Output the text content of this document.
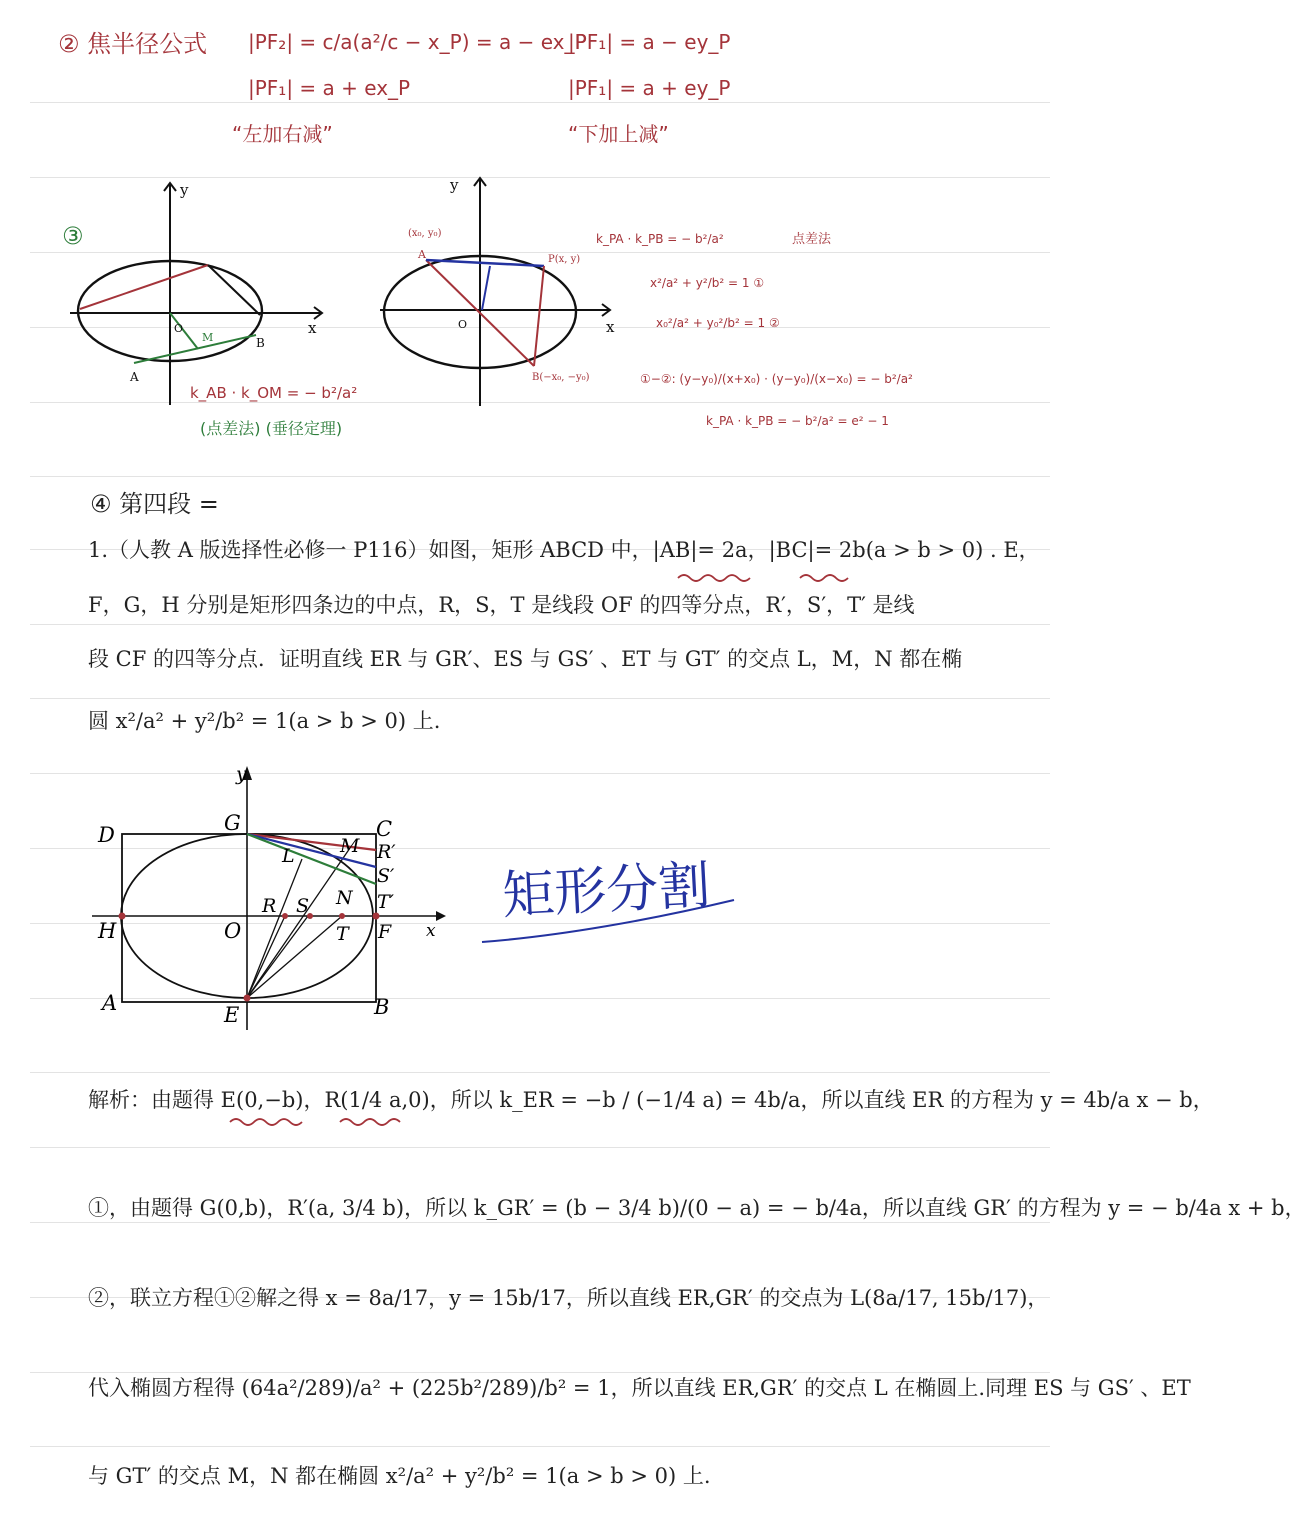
② 焦半径公式 |PF₂| = c/a(a²/c − x_P) = a − ex_P
|PF₁| = a + ex_P
“左加右减”
|PF₁| = a − ey_P
|PF₁| = a + ey_P
“下加上减”
③
O
y
x
A
B
M
k_AB · k_OM = − b²/a²
(点差法) (垂径定理)
O
y
x
A
(x₀, y₀)
P(x, y)
B(−x₀, −y₀)
k_PA · k_PB = − b²/a²	点差法
x²/a² + y²/b² = 1 ①
x₀²/a² + y₀²/b² = 1 ②
①−②: (y−y₀)/(x+x₀) · (y−y₀)/(x−x₀) = − b²/a²
k_PA · k_PB = − b²/a² = e² − 1
④ 第四段 =
1.（人教 A 版选择性必修一 P116）如图，矩形 ABCD 中，|AB|= 2a，|BC|= 2b(a > b > 0) . E，
F，G，H 分别是矩形四条边的中点，R，S，T 是线段 OF 的四等分点，R′，S′，T′ 是线
段 CF 的四等分点．证明直线 ER 与 GR′、ES 与 GS′ 、ET 与 GT′ 的交点 L，M，N 都在椭
圆 x²/a² + y²/b² = 1(a > b > 0) 上.
y
x
D	G	C
M R′
L
S′
N T′
R S
H	O	T F
A	E	B
矩形分割
解析：由题得 E(0,−b)，R(1/4 a,0)，所以 k_ER = −b / (−1/4 a) = 4b/a，所以直线 ER 的方程为 y = 4b/a x − b，
①，由题得 G(0,b)，R′(a, 3/4 b)，所以 k_GR′ = (b − 3/4 b)/(0 − a) = − b/4a，所以直线 GR′ 的方程为 y = − b/4a x + b，
②，联立方程①②解之得 x = 8a/17，y = 15b/17，所以直线 ER,GR′ 的交点为 L(8a/17, 15b/17)，
代入椭圆方程得 (64a²/289)/a² + (225b²/289)/b² = 1，所以直线 ER,GR′ 的交点 L 在椭圆上.同理 ES 与 GS′ 、ET
与 GT′ 的交点 M，N 都在椭圆 x²/a² + y²/b² = 1(a > b > 0) 上.
